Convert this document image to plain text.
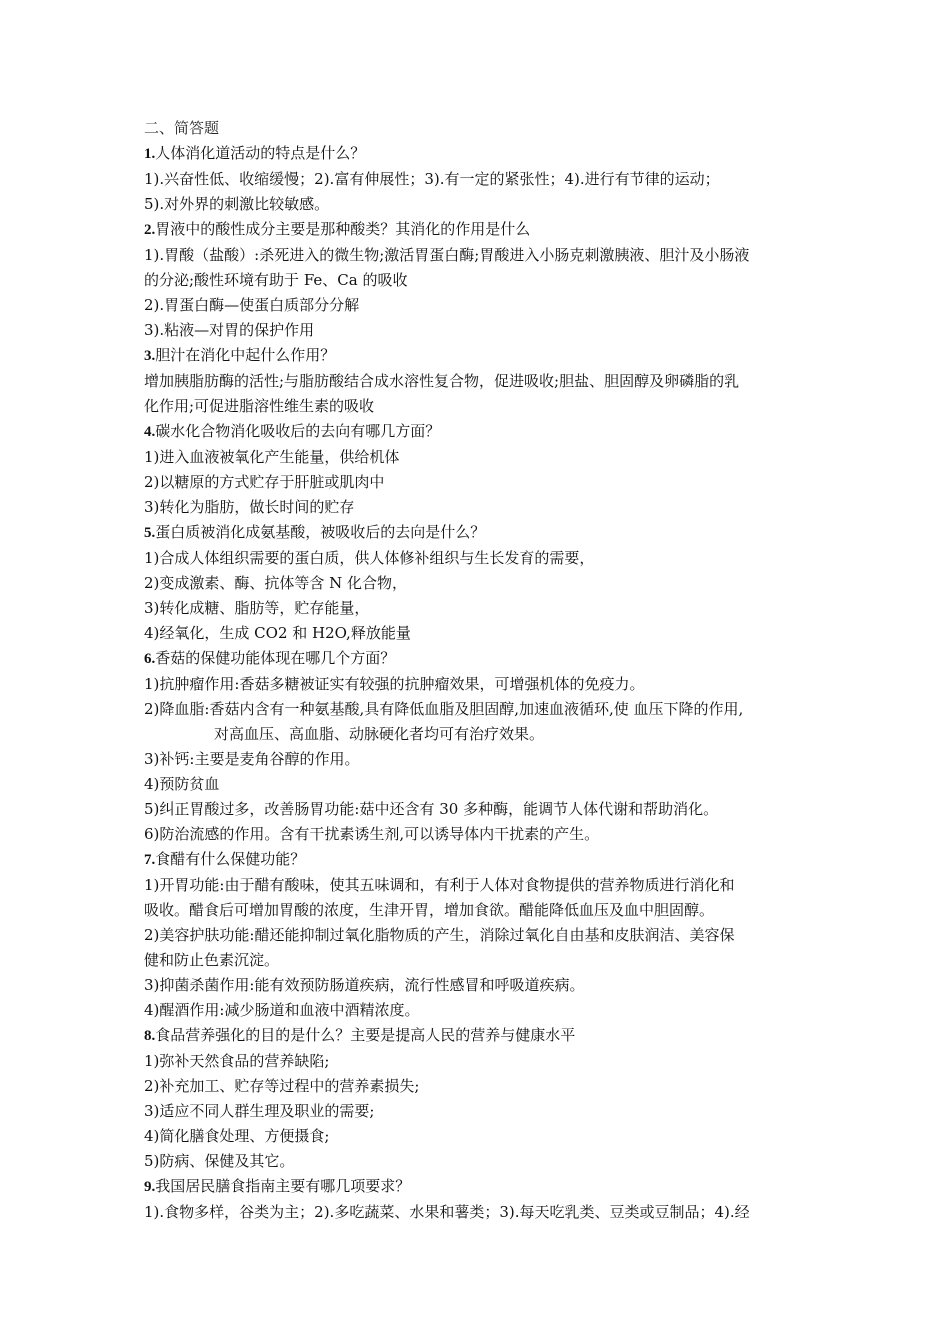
二、简答题

1.人体消化道活动的特点是什么？

1).兴奋性低、收缩缓慢；2).富有伸展性；3).有一定的紧张性；4).进行有节律的运动；

5).对外界的刺激比较敏感。

2.胃液中的酸性成分主要是那种酸类？其消化的作用是什么

1).胃酸（盐酸）:杀死进入的微生物;激活胃蛋白酶;胃酸进入小肠克刺激胰液、胆汁及小肠液

的分泌;酸性环境有助于 Fe、Ca 的吸收

2).胃蛋白酶—使蛋白质部分分解

3).粘液—对胃的保护作用

3.胆汁在消化中起什么作用？

增加胰脂肪酶的活性;与脂肪酸结合成水溶性复合物，促进吸收;胆盐、胆固醇及卵磷脂的乳

化作用;可促进脂溶性维生素的吸收

4.碳水化合物消化吸收后的去向有哪几方面？

1)进入血液被氧化产生能量，供给机体

2)以糖原的方式贮存于肝脏或肌肉中

3)转化为脂肪，做长时间的贮存

5.蛋白质被消化成氨基酸，被吸收后的去向是什么？

1)合成人体组织需要的蛋白质，供人体修补组织与生长发育的需要，

2)变成激素、酶、抗体等含 N 化合物，

3)转化成糖、脂肪等，贮存能量，

4)经氧化，生成 CO2 和 H2O,释放能量

6.香菇的保健功能体现在哪几个方面？

1)抗肿瘤作用:香菇多糖被证实有较强的抗肿瘤效果，可增强机体的免疫力。

2)降血脂:香菇内含有一种氨基酸,具有降低血脂及胆固醇,加速血液循环,使 血压下降的作用,

对高血压、高血脂、动脉硬化者均可有治疗效果。

3)补钙:主要是麦角谷醇的作用。

4)预防贫血

5)纠正胃酸过多，改善肠胃功能:菇中还含有 30 多种酶，能调节人体代谢和帮助消化。

6)防治流感的作用。含有干扰素诱生剂,可以诱导体内干扰素的产生。

7.食醋有什么保健功能？

1)开胃功能:由于醋有酸味，使其五味调和，有利于人体对食物提供的营养物质进行消化和

吸收。醋食后可增加胃酸的浓度，生津开胃，增加食欲。醋能降低血压及血中胆固醇。

2)美容护肤功能:醋还能抑制过氧化脂物质的产生，消除过氧化自由基和皮肤润洁、美容保

健和防止色素沉淀。

3)抑菌杀菌作用:能有效预防肠道疾病，流行性感冒和呼吸道疾病。

4)醒酒作用:减少肠道和血液中酒精浓度。

8.食品营养强化的目的是什么？主要是提高人民的营养与健康水平

1)弥补天然食品的营养缺陷;

2)补充加工、贮存等过程中的营养素损失;

3)适应不同人群生理及职业的需要;

4)简化膳食处理、方便摄食;

5)防病、保健及其它。

9.我国居民膳食指南主要有哪几项要求？

1).食物多样，谷类为主；2).多吃蔬菜、水果和薯类；3).每天吃乳类、豆类或豆制品；4).经
